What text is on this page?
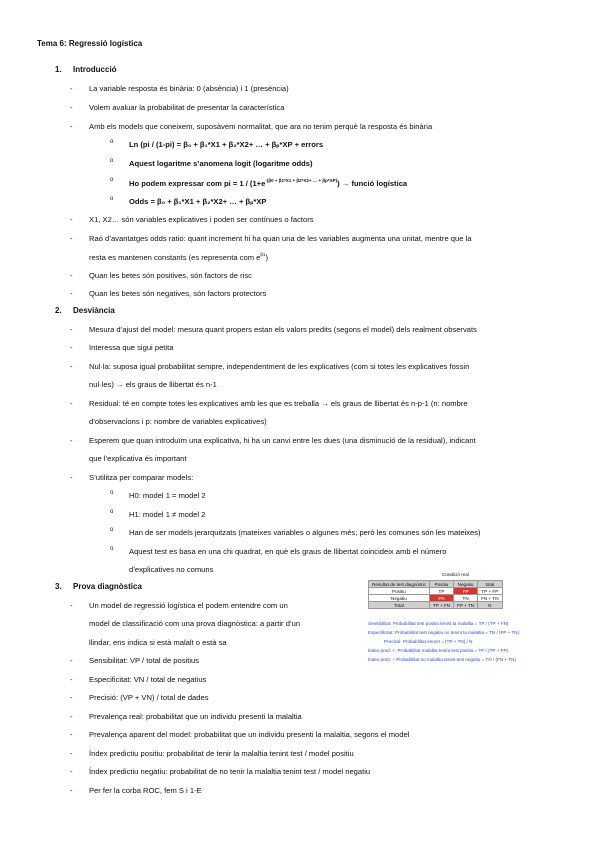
Tema 6: Regressió logística
1. Introducció
La variable resposta és binària: 0 (absència) i 1 (presència)
Volem avaluar la probabilitat de presentar la característica
Amb els models que coneixem, suposàvem normalitat, que ara no tenim perquè la resposta és binària
o Ln (pi / (1-pi) = β₀ + β₁*X1 + β₂*X2+ … + βₚ*XP + errors
o Aquest logaritme s’anomena logit (logaritme odds)
o Ho podem expressar com pi = $1 / (1+e^{-(\beta 0 + \beta 1*X1 + \beta 2*X2+ \dots + \beta p*XP)})$ → funció logística
o Odds = β₀ + β₁*X1 + β₂*X2+ … + βₚ*XP
X1, X2… són variables explicatives i poden ser contínues o factors
Raó d’avantatges odds ratio: quant increment hi ha quan una de les variables augmenta una unitat, mentre que la
resta es mantenen constants (es representa com $e^{\beta 1}$)
Quan les betes són positives, són factors de risc
Quan les betes són negatives, són factors protectors
2. Desviància
Mesura d’ajust del model: mesura quant propers estan els valors predits (segons el model) dels realment observats
Interessa que sigui petita
Nul·la: suposa igual probabilitat sempre, independentment de les explicatives (com si totes les explicatives fossin
nul·les) → els graus de llibertat és n-1
Residual: té en compte totes les explicatives amb les que es treballa → els graus de llibertat és n-p-1 (n: nombre
d’observacions i p: nombre de variables explicatives)
Esperem que quan introduïm una explicativa, hi ha un canvi entre les dues (una disminució de la residual), indicant
que l’explicativa és important
S’utilitza per comparar models:
o H0: model 1 = model 2
o H1: model 1 ≠ model 2
o Han de ser models jerarquitzats (mateixes variables o algunes més; però les comunes són les mateixes)
o Aquest test es basa en una chi quadrat, en què els graus de llibertat coincideix amb el número
d’explicatives no comuns
3. Prova diagnòstica
Un model de regressió logística el podem entendre com un
model de classificació com una prova diagnòstica: a partir d’un
llindar, ens indica si està malalt o està sa
Sensibilitat: VP / total de positius
Especificitat: VN / total de negatius
Precisió: (VP + VN) / total de dades
Prevalença real: probabilitat que un individu presenti la malaltia
Prevalença aparent del model: probabilitat que un individu presenti la malaltia, segons el model
Índex predictiu positiu: probabilitat de tenir la malaltia tenint test / model positiu
Índex predictiu negatiu: probabilitat de no tenir la malaltia tenint test / model negatiu
Per fer la corba ROC, fem S i 1-E
Condició real
Resultat de test diagnòstic	Positiu	Negatiu	total
Positiu	TP	FP	TP + FP
Negatiu	FN	TN	FN + TN
Total	TP + FN	FP + TN	N
Sensibilitat: Probabilitat test positiu tenint la malaltia = TP / (TP + FN)
Especificitat: Probabilitat test negatiu no tenint la malaltia = TN / (FP + TN)
Precisió: Probabilitat encert = (TP + TN) / N
Índex pred. +: Probabilitat malaltia tenint test positiu = TP / (TP + FP)
Índex pred. -: Probabilitat no malaltia tenint test negatiu = TN / (FN + TN)
